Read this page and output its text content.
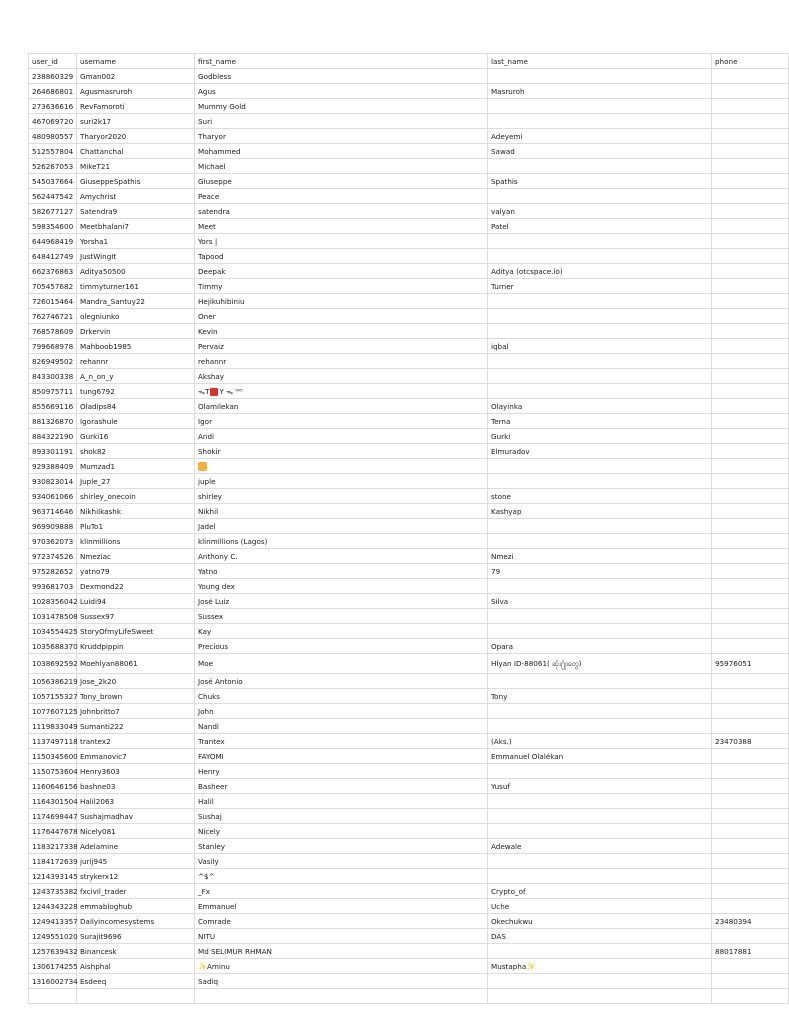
user_id	username	first_name	last_name	phone
238860329	Gman002	Godbless		
264686801	Agusmasruroh	Agus	Masruroh	
273636616	RevFamoroti	Mummy Gold		
467069720	suri2k17	Suri		
480980557	Tharyor2020	Tharyor	Adeyemi	
512557804	Chattanchal	Mohammed	Sawad	
526267053	MikeT21	Michael		
545037664	GiuseppeSpathis	Giuseppe	Spathis	
562447542	Amychrist	Peace		
582677127	Satendra9	satendra	valyan	
598354600	Meetbhalani7	Meet	Patel	
644968419	Yorsha1	Yors |		
648412749	JustWingIt	Tapood		
662376863	Aditya50500	Deepak	Aditya (otcspace.io)	
705457682	timmyturner161	Timmy	Turner	
726015464	Mandra_Santuy22	Hejikuhibiniu		
762746721	olegniunko	Oner		
768578609	Drkervin	Kevin		
799668978	Mahboob1985	Pervaiz	iqbal	
826949502	rehannr	rehannr		
843300338	A_n_on_y	Akshay		
850975711	tung6792	ᯓT Y ᯓ ᴼᴼ		
855669116	Oladips84	Olamilekan	Olayinka	
881326870	Igorashule	Igor	Terna	
884322190	Gurki16	Andi	Gurki	
893301191	shok82	Shokir	Elmuradov	
929388409	Mumzad1			
930823014	Juple_27	juple		
934061066	shirley_onecoin	shirley	stone	
963714646	Nikhilkashk	Nikhil	Kashyap	
969909888	PluTo1	Jadel		
970362073	klinmillions	klinmillions (Lagos)		
972374526	Nmeziac	Anthony C.	Nmezi	
975282652	yatno79	Yatno	79	
993681703	Dexmond22	Young dex		
1028356042	Luidi94	José Luiz	Silva	
1031478508	Sussex97	Sussex		
1034554425	StoryOfmyLifeSweet	Kay		
1035688370	Kruddpippin	Precious	Opara	
1038692592	Moehlyan88061	Moe	Hlyan ID-88061( ဆုံး႐ုံးတွေ)	95976051
1056386219	Jose_2k20	José Antonio		
1057155327	Tony_brown	Chuks	Tony	
1077607125	Johnbritto7	John		
1119833049	Sumanti222	Nandi		
1137497118	trantex2	Trantex	(Aks.)	23470388
1150345600	Emmanovic7	FAYOMI	Emmanuel Olalékan	
1150753604	Henry3603	Henry		
1160646156	bashne03	Basheer	Yusuf	
1164301504	Halil2063	Halil		
1174698447	Sushajmadhav	Sushaj		
1176447678	Nicely081	Nicely		
1183217338	Adelamine	Stanley	Adewale	
1184172639	jurij945	Vasily		
1214393145	strykerx12	^$^		
1243735382	fxcivil_trader	_Fx	Crypto_of	
1244343228	emmabloghub	Emmanuel	Uche	
1249413357	Dailyincomesystems	Comrade	Okechukwu	23480394
1249551020	Surajit9696	NITU	DAS	
1257639432	Binancesk	Md SELIMUR RHMAN		88017881
1306174255	Aishphal	✨Aminu	Mustapha✨	
1316002734	Esdeeq	Sadiq		
